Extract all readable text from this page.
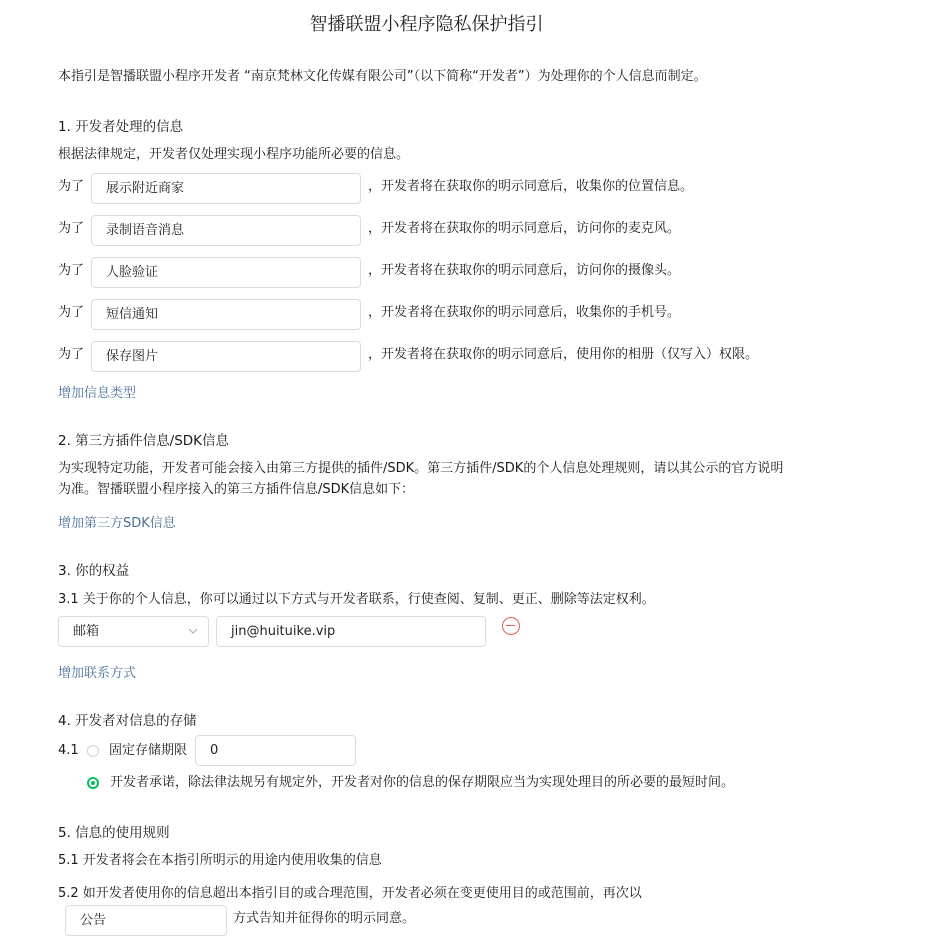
智播联盟小程序隐私保护指引
本指引是智播联盟小程序开发者 “南京梵林文化传媒有限公司”（以下简称“开发者”）为处理你的个人信息而制定。
1. 开发者处理的信息
根据法律规定，开发者仅处理实现小程序功能所必要的信息。
为了	展示附近商家	，开发者将在获取你的明示同意后，收集你的位置信息。
为了	录制语音消息	，开发者将在获取你的明示同意后，访问你的麦克风。
为了	人脸验证	，开发者将在获取你的明示同意后，访问你的摄像头。
为了	短信通知	，开发者将在获取你的明示同意后，收集你的手机号。
为了	保存图片	，开发者将在获取你的明示同意后，使用你的相册（仅写入）权限。
增加信息类型
2. 第三方插件信息/SDK信息
为实现特定功能，开发者可能会接入由第三方提供的插件/SDK。第三方插件/SDK的个人信息处理规则，请以其公示的官方说明
为准。智播联盟小程序接入的第三方插件信息/SDK信息如下：
增加第三方SDK信息
3. 你的权益
3.1 关于你的个人信息，你可以通过以下方式与开发者联系，行使查阅、复制、更正、删除等法定权利。
邮箱	jin@huituike.vip
增加联系方式
4. 开发者对信息的存储
4.1 固定存储期限	0
开发者承诺，除法律法规另有规定外，开发者对你的信息的保存期限应当为实现处理目的所必要的最短时间。
5. 信息的使用规则
5.1 开发者将会在本指引所明示的用途内使用收集的信息
5.2 如开发者使用你的信息超出本指引目的或合理范围，开发者必须在变更使用目的或范围前，再次以
公告	方式告知并征得你的明示同意。
